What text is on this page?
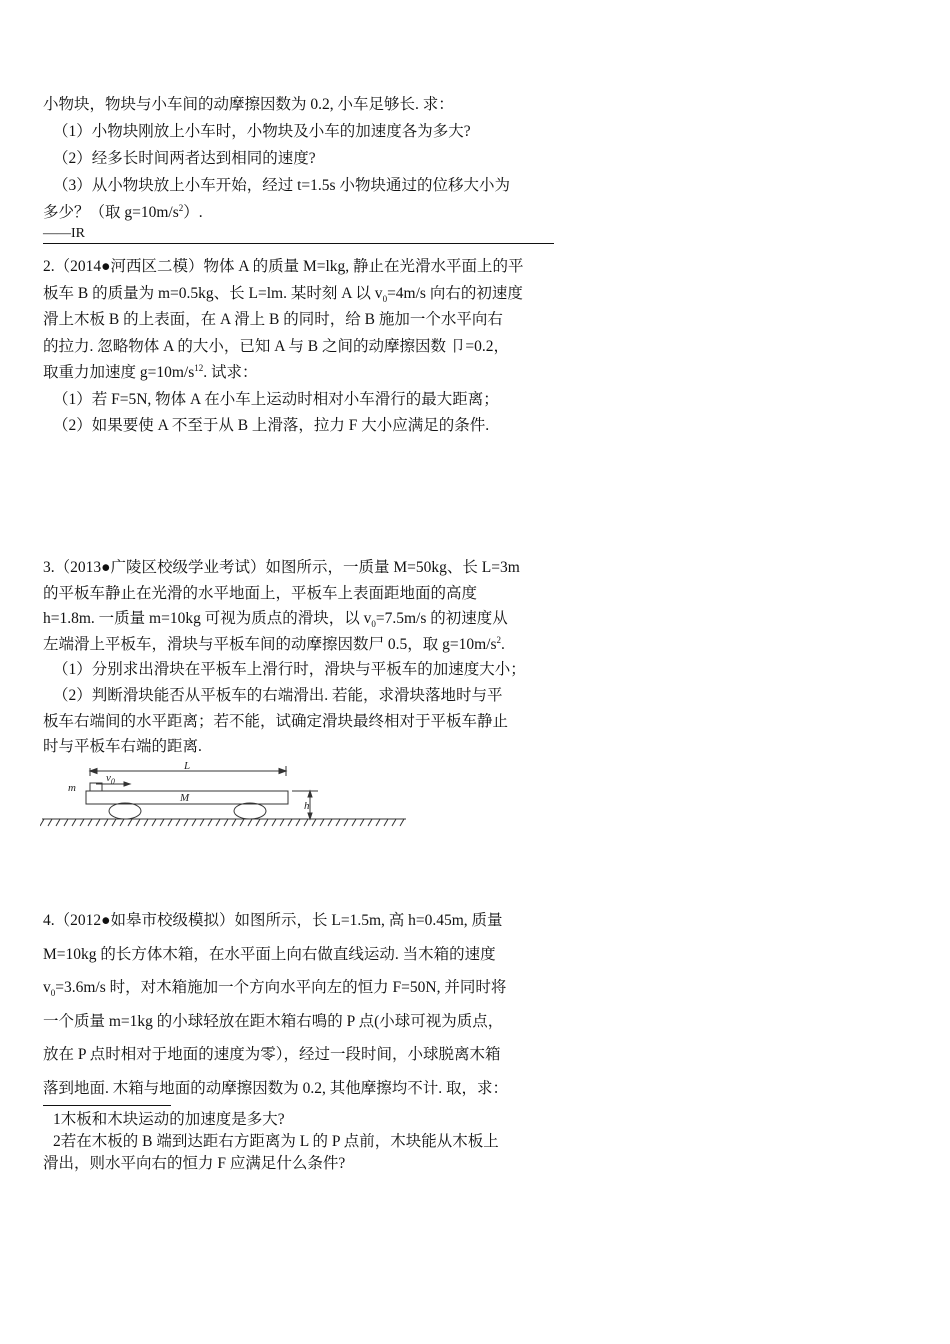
小物块，物块与小车间的动摩擦因数为 0.2, 小车足够长. 求：
（1）小物块刚放上小车时，小物块及小车的加速度各为多大?
（2）经多长时间两者达到相同的速度?
（3）从小物块放上小车开始，经过 t=1.5s 小物块通过的位移大小为
多少？（取 $g=10m/s^2$）.
——IR
2.（2014●河西区二模）物体 A 的质量 M=lkg, 静止在光滑水平面上的平
板车 B 的质量为 m=0.5kg、长 L=lm. 某时刻 A 以 $v_0=4m/s$ 向右的初速度
滑上木板 B 的上表面，在 A 滑上 B 的同时，给 B 施加一个水平向右
的拉力. 忽略物体 A 的大小，已知 A 与 B 之间的动摩擦因数 卩=0.2，
取重力加速度 $g=10m/s^{12}$. 试求：
（1）若 F=5N, 物体 A 在小车上运动时相对小车滑行的最大距离；
（2）如果要使 A 不至于从 B 上滑落，拉力 F 大小应满足的条件.
3.（2013●广陵区校级学业考试）如图所示，一质量 M=50kg、长 L=3m
的平板车静止在光滑的水平地面上，平板车上表面距地面的高度
h=1.8m. 一质量 m=10kg 可视为质点的滑块，以 $v_0=7.5m/s$ 的初速度从
左端滑上平板车，滑块与平板车间的动摩擦因数尸 0.5，取 $g=10m/s^2$.
（1）分别求出滑块在平板车上滑行时，滑块与平板车的加速度大小；
（2）判断滑块能否从平板车的右端滑出. 若能，求滑块落地时与平
板车右端间的水平距离；若不能，试确定滑块最终相对于平板车静止
时与平板车右端的距离.
m
$v_0$
L
M
h
4.（2012●如皋市校级模拟）如图所示，长 L=1.5m, 高 h=0.45m, 质量
M=10kg 的长方体木箱，在水平面上向右做直线运动. 当木箱的速度
$v_0=3.6m/s$ 时，对木箱施加一个方向水平向左的恒力 F=50N, 并同时将
一个质量 m=1kg 的小球轻放在距木箱右鳴的 P 点(小球可视为质点，
放在 P 点时相对于地面的速度为零），经过一段时间，小球脱离木箱
落到地面. 木箱与地面的动摩擦因数为 0.2, 其他摩擦均不计. 取，求：
1木板和木块运动的加速度是多大?
2若在木板的 B 端到达距右方距离为 L 的 P 点前，木块能从木板上
滑出，则水平向右的恒力 F 应满足什么条件?
